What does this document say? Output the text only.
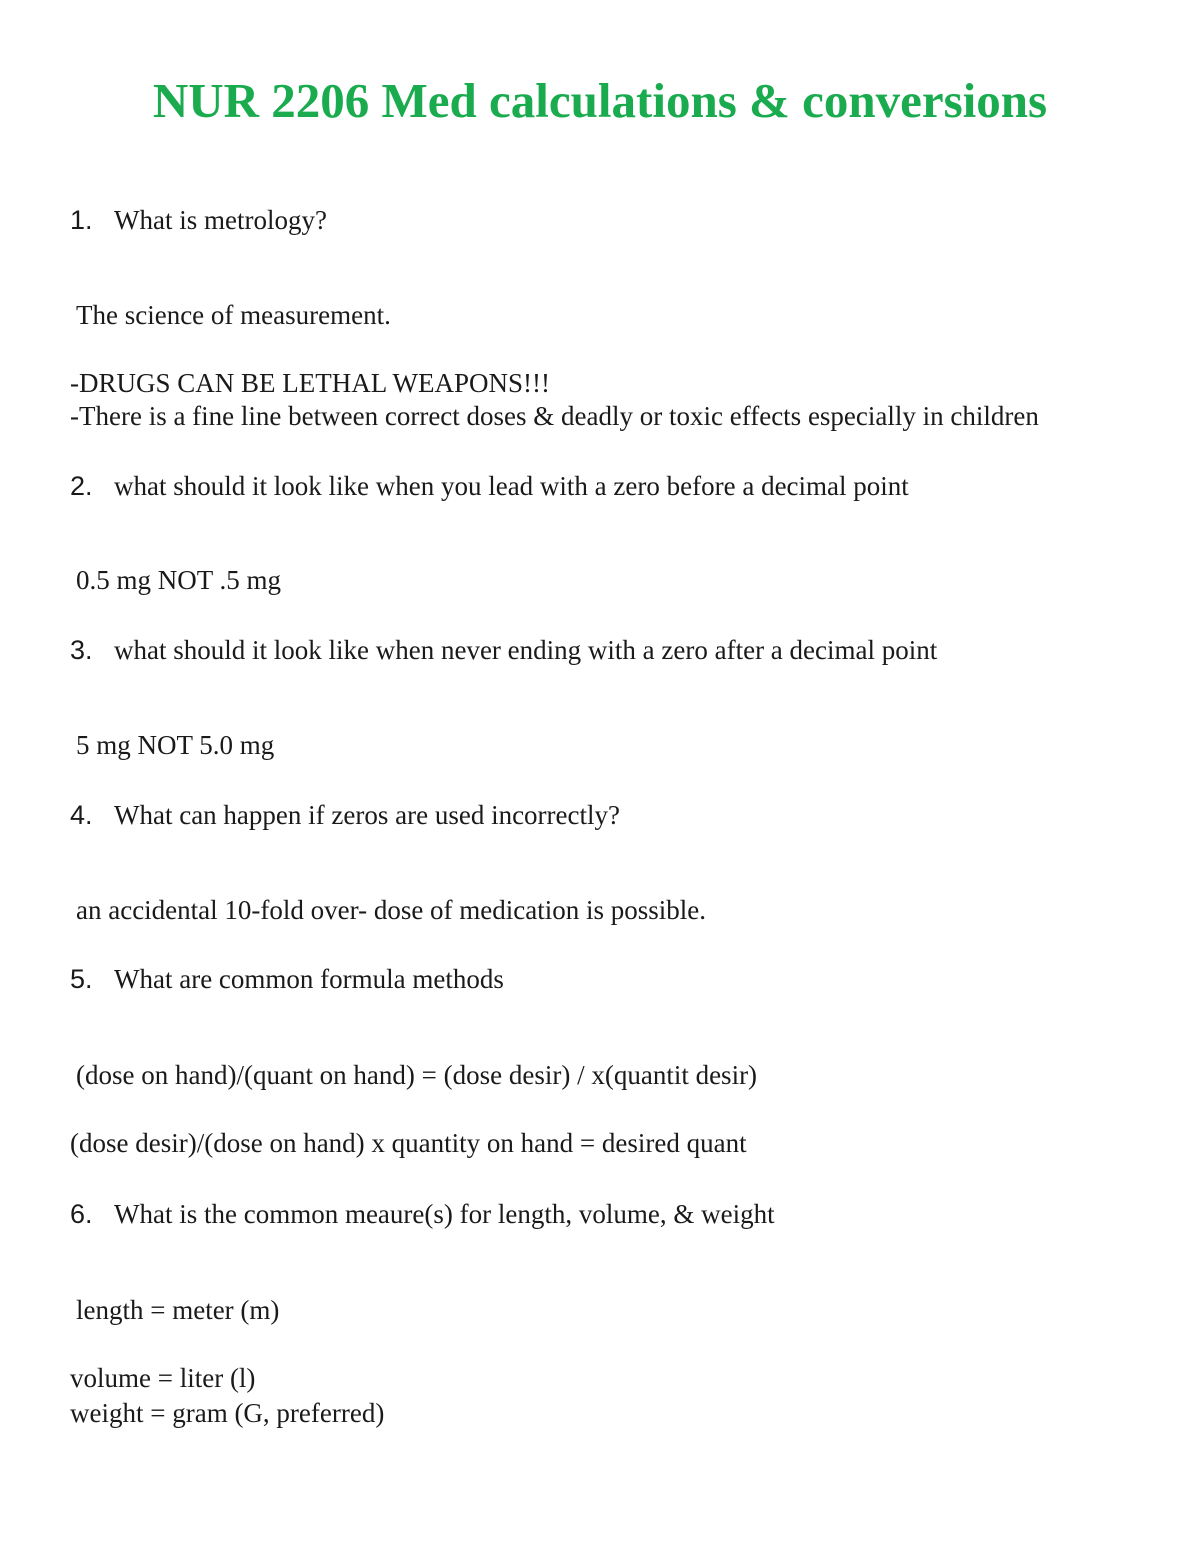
NUR 2206 Med calculations & conversions
1. What is metrology?
The science of measurement.
-DRUGS CAN BE LETHAL WEAPONS!!!
-There is a fine line between correct doses & deadly or toxic effects especially in children
2. what should it look like when you lead with a zero before a decimal point
0.5 mg NOT .5 mg
3. what should it look like when never ending with a zero after a decimal point
5 mg NOT 5.0 mg
4. What can happen if zeros are used incorrectly?
an accidental 10-fold over- dose of medication is possible.
5. What are common formula methods
(dose on hand)/(quant on hand) = (dose desir) / x(quantit desir)
(dose desir)/(dose on hand) x quantity on hand = desired quant
6. What is the common meaure(s) for length, volume, & weight
length = meter (m)
volume = liter (l)
weight = gram (G, preferred)
